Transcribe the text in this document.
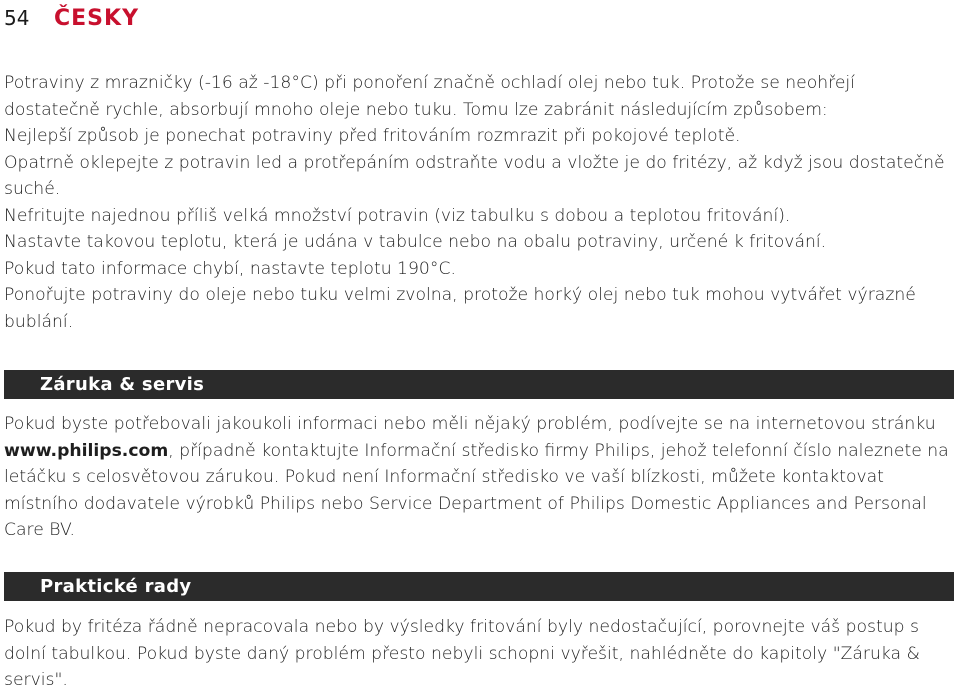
54	ČESKY

Potraviny z mrazničky (-16 až -18°C) při ponoření značně ochladí olej nebo tuk. Protože se neohřejí dostatečně rychle, absorbují mnoho oleje nebo tuku. Tomu lze zabránit následujícím způsobem:

Nejlepší způsob je ponechat potraviny před fritováním rozmrazit při pokojové teplotě.

Opatrně oklepejte z potravin led a protřepáním odstraňte vodu a vložte je do fritézy, až když jsou dostatečně suché.

Nefritujte najednou příliš velká množství potravin (viz tabulku s dobou a teplotou fritování).

Nastavte takovou teplotu, která je udána v tabulce nebo na obalu potraviny, určené k fritování.

Pokud tato informace chybí, nastavte teplotu 190°C.

Ponořujte potraviny do oleje nebo tuku velmi zvolna, protože horký olej nebo tuk mohou vytvářet výrazné bublání.

Záruka & servis

Pokud byste potřebovali jakoukoli informaci nebo měli nějaký problém, podívejte se na internetovou stránku www.philips.com, případně kontaktujte Informační středisko firmy Philips, jehož telefonní číslo naleznete na letáčku s celosvětovou zárukou. Pokud není Informační středisko ve vaší blízkosti, můžete kontaktovat místního dodavatele výrobků Philips nebo Service Department of Philips Domestic Appliances and Personal Care BV.

Praktické rady

Pokud by fritéza řádně nepracovala nebo by výsledky fritování byly nedostačující, porovnejte váš postup s dolní tabulkou. Pokud byste daný problém přesto nebyli schopni vyřešit, nahlédněte do kapitoly "Záruka & servis".
